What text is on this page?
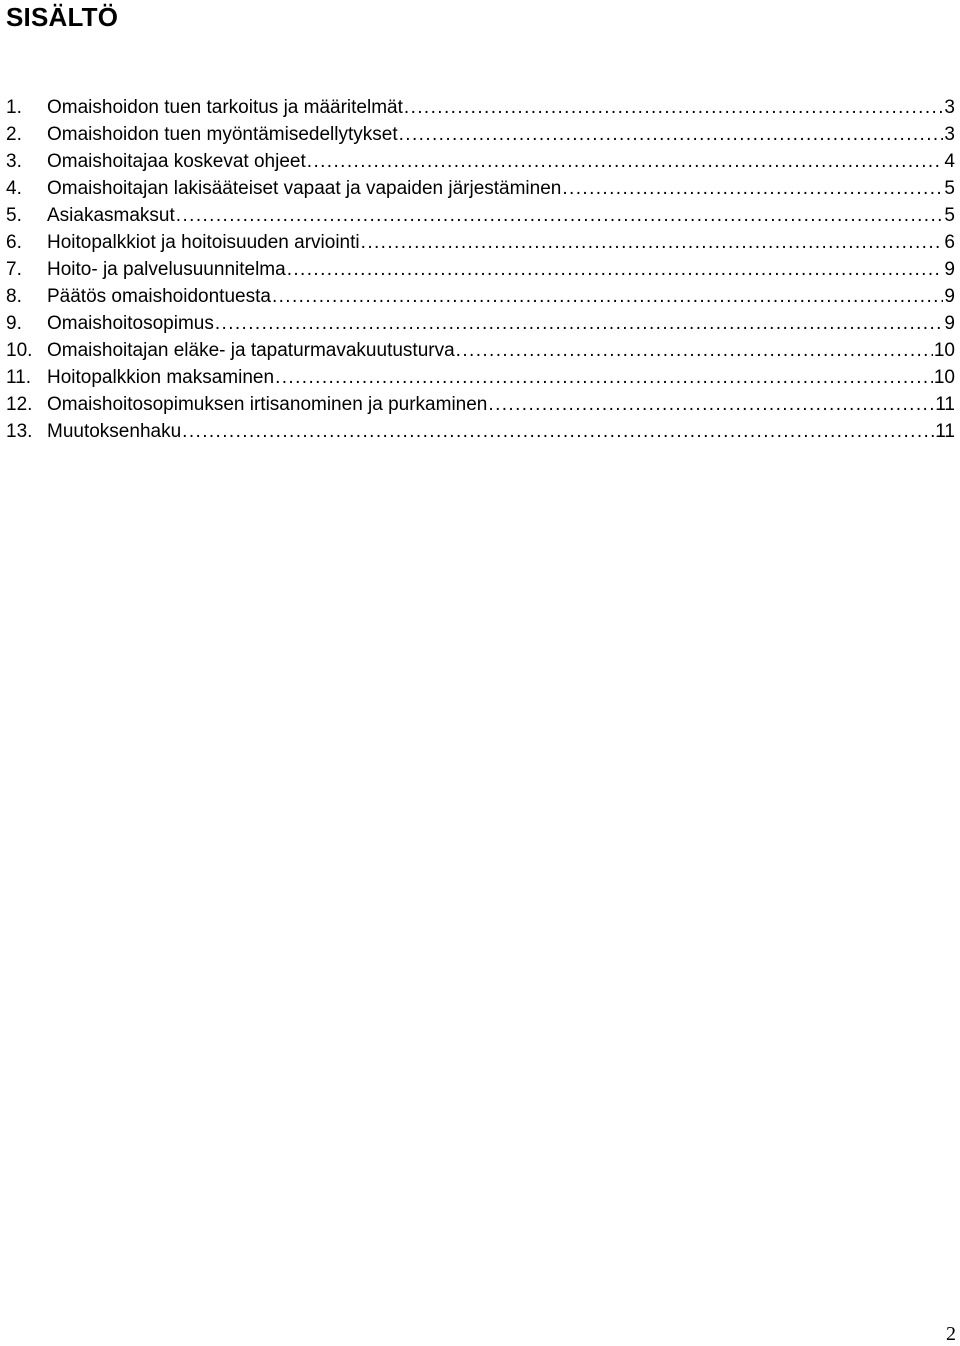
SISÄLTÖ
1.	Omaishoidon tuen tarkoitus ja määritelmät .....	3
2.	Omaishoidon tuen myöntämisedellytykset .....	3
3.	Omaishoitajaa koskevat ohjeet .....	4
4.	Omaishoitajan lakisääteiset vapaat ja vapaiden järjestäminen .....	5
5.	Asiakasmaksut .....	5
6.	Hoitopalkkiot ja hoitoisuuden arviointi .....	6
7.	Hoito- ja palvelusuunnitelma .....	9
8.	Päätös omaishoidontuesta .....	9
9.	Omaishoitosopimus .....	9
10. Omaishoitajan eläke- ja tapaturmavakuutusturva .....	10
11. Hoitopalkkion maksaminen .....	10
12. Omaishoitosopimuksen irtisanominen ja purkaminen .....	11
13. Muutoksenhaku .....	11
2
